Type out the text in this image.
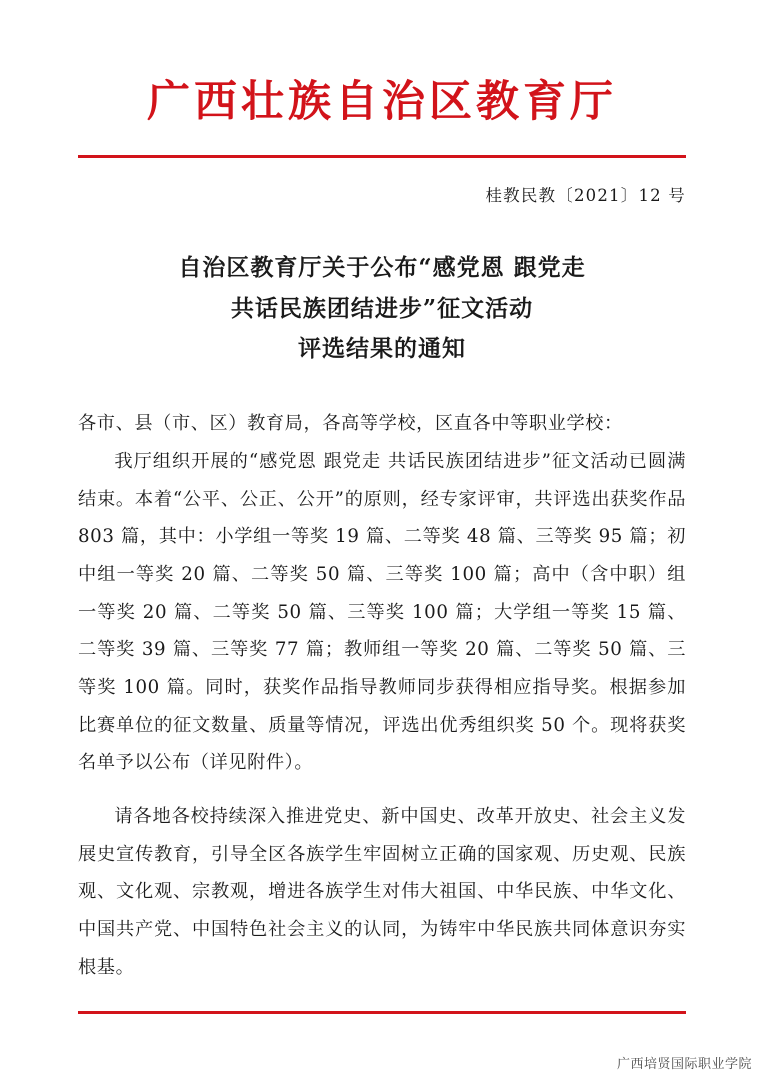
广西壮族自治区教育厅
桂教民教〔2021〕12 号
自治区教育厅关于公布“感党恩 跟党走
共话民族团结进步”征文活动
评选结果的通知

各市、县（市、区）教育局，各高等学校，区直各中等职业学校：

我厅组织开展的“感党恩 跟党走 共话民族团结进步”征文活动已圆满结束。本着“公平、公正、公开”的原则，经专家评审，共评选出获奖作品 803 篇，其中：小学组一等奖 19 篇、二等奖 48 篇、三等奖 95 篇；初中组一等奖 20 篇、二等奖 50 篇、三等奖 100 篇；高中（含中职）组一等奖 20 篇、二等奖 50 篇、三等奖 100 篇；大学组一等奖 15 篇、二等奖 39 篇、三等奖 77 篇；教师组一等奖 20 篇、二等奖 50 篇、三等奖 100 篇。同时，获奖作品指导教师同步获得相应指导奖。根据参加比赛单位的征文数量、质量等情况，评选出优秀组织奖 50 个。现将获奖名单予以公布（详见附件）。

请各地各校持续深入推进党史、新中国史、改革开放史、社会主义发展史宣传教育，引导全区各族学生牢固树立正确的国家观、历史观、民族观、文化观、宗教观，增进各族学生对伟大祖国、中华民族、中华文化、中国共产党、中国特色社会主义的认同，为铸牢中华民族共同体意识夯实根基。

广西培贤国际职业学院
